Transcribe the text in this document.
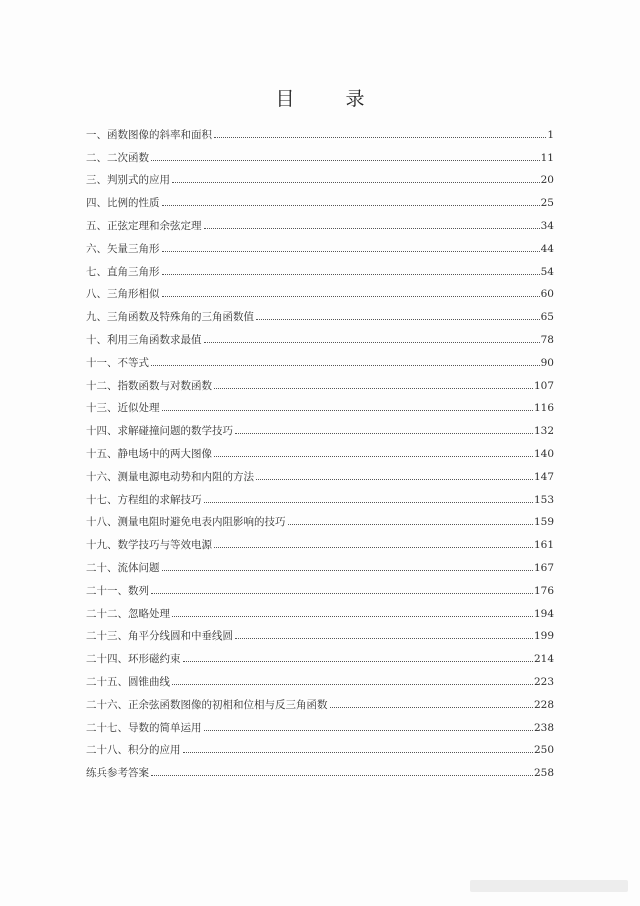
目　录
一、函数图像的斜率和面积	1
二、二次函数	11
三、判别式的应用	20
四、比例的性质	25
五、正弦定理和余弦定理	34
六、矢量三角形	44
七、直角三角形	54
八、三角形相似	60
九、三角函数及特殊角的三角函数值	65
十、利用三角函数求最值	78
十一、不等式	90
十二、指数函数与对数函数	107
十三、近似处理	116
十四、求解碰撞问题的数学技巧	132
十五、静电场中的两大图像	140
十六、测量电源电动势和内阻的方法	147
十七、方程组的求解技巧	153
十八、测量电阻时避免电表内阻影响的技巧	159
十九、数学技巧与等效电源	161
二十、流体问题	167
二十一、数列	176
二十二、忽略处理	194
二十三、角平分线圆和中垂线圆	199
二十四、环形磁约束	214
二十五、圆锥曲线	223
二十六、正余弦函数图像的初相和位相与反三角函数	228
二十七、导数的简单运用	238
二十八、积分的应用	250
练兵参考答案	258
